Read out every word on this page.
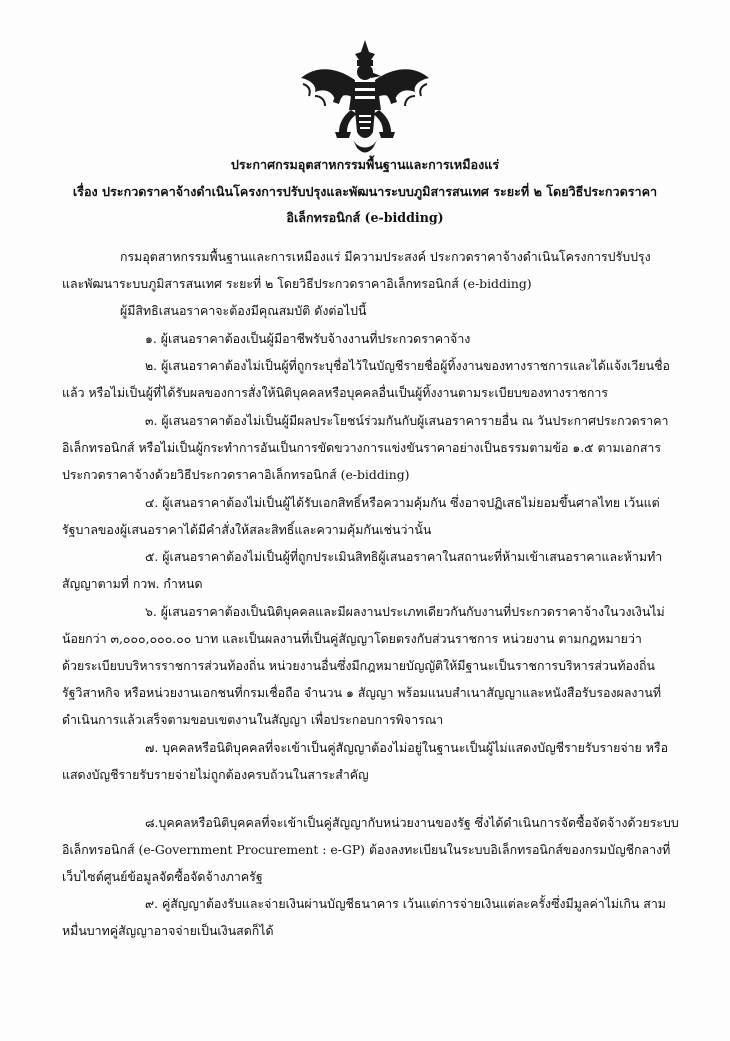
ประกาศกรมอุตสาหกรรมพื้นฐานและการเหมืองแร่
เรื่อง ประกวดราคาจ้างดำเนินโครงการปรับปรุงและพัฒนาระบบภูมิสารสนเทศ ระยะที่ ๒ โดยวิธีประกวดราคา
อิเล็กทรอนิกส์ (e-bidding)
กรมอุตสาหกรรมพื้นฐานและการเหมืองแร่ มีความประสงค์ ประกวดราคาจ้างดำเนินโครงการปรับปรุง
และพัฒนาระบบภูมิสารสนเทศ ระยะที่ ๒ โดยวิธีประกวดราคาอิเล็กทรอนิกส์ (e-bidding)
ผู้มีสิทธิเสนอราคาจะต้องมีคุณสมบัติ ดังต่อไปนี้
๑. ผู้เสนอราคาต้องเป็นผู้มีอาชีพรับจ้างงานที่ประกวดราคาจ้าง
๒. ผู้เสนอราคาต้องไม่เป็นผู้ที่ถูกระบุชื่อไว้ในบัญชีรายชื่อผู้ทิ้งงานของทางราชการและได้แจ้งเวียนชื่อ
แล้ว หรือไม่เป็นผู้ที่ได้รับผลของการสั่งให้นิติบุคคลหรือบุคคลอื่นเป็นผู้ทิ้งงานตามระเบียบของทางราชการ
๓. ผู้เสนอราคาต้องไม่เป็นผู้มีผลประโยชน์ร่วมกันกับผู้เสนอราคารายอื่น ณ วันประกาศประกวดราคา
อิเล็กทรอนิกส์ หรือไม่เป็นผู้กระทำการอันเป็นการขัดขวางการแข่งขันราคาอย่างเป็นธรรมตามข้อ ๑.๕ ตามเอกสาร
ประกวดราคาจ้างด้วยวิธีประกวดราคาอิเล็กทรอนิกส์ (e-bidding)
๔. ผู้เสนอราคาต้องไม่เป็นผู้ได้รับเอกสิทธิ์หรือความคุ้มกัน ซึ่งอาจปฏิเสธไม่ยอมขึ้นศาลไทย เว้นแต่
รัฐบาลของผู้เสนอราคาได้มีคำสั่งให้สละสิทธิ์และความคุ้มกันเช่นว่านั้น
๕. ผู้เสนอราคาต้องไม่เป็นผู้ที่ถูกประเมินสิทธิผู้เสนอราคาในสถานะที่ห้ามเข้าเสนอราคาและห้ามทำ
สัญญาตามที่ กวพ. กำหนด
๖. ผู้เสนอราคาต้องเป็นนิติบุคคลและมีผลงานประเภทเดียวกันกับงานที่ประกวดราคาจ้างในวงเงินไม่
น้อยกว่า ๓,๐๐๐,๐๐๐.๐๐ บาท และเป็นผลงานที่เป็นคู่สัญญาโดยตรงกับส่วนราชการ หน่วยงาน ตามกฎหมายว่า
ด้วยระเบียบบริหารราชการส่วนท้องถิ่น หน่วยงานอื่นซึ่งมีกฎหมายบัญญัติให้มีฐานะเป็นราชการบริหารส่วนท้องถิ่น
รัฐวิสาหกิจ หรือหน่วยงานเอกชนที่กรมเชื่อถือ จำนวน ๑ สัญญา พร้อมแนบสำเนาสัญญาและหนังสือรับรองผลงานที่
ดำเนินการแล้วเสร็จตามขอบเขตงานในสัญญา เพื่อประกอบการพิจารณา
๗. บุคคลหรือนิติบุคคลที่จะเข้าเป็นคู่สัญญาต้องไม่อยู่ในฐานะเป็นผู้ไม่แสดงบัญชีรายรับรายจ่าย หรือ
แสดงบัญชีรายรับรายจ่ายไม่ถูกต้องครบถ้วนในสาระสำคัญ
๘.บุคคลหรือนิติบุคคลที่จะเข้าเป็นคู่สัญญากับหน่วยงานของรัฐ ซึ่งได้ดำเนินการจัดซื้อจัดจ้างด้วยระบบ
อิเล็กทรอนิกส์ (e-Government Procurement : e-GP) ต้องลงทะเบียนในระบบอิเล็กทรอนิกส์ของกรมบัญชีกลางที่
เว็บไซต์ศูนย์ข้อมูลจัดซื้อจัดจ้างภาครัฐ
๙. คู่สัญญาต้องรับและจ่ายเงินผ่านบัญชีธนาคาร เว้นแต่การจ่ายเงินแต่ละครั้งซึ่งมีมูลค่าไม่เกิน สาม
หมื่นบาทคู่สัญญาอาจจ่ายเป็นเงินสดก็ได้
